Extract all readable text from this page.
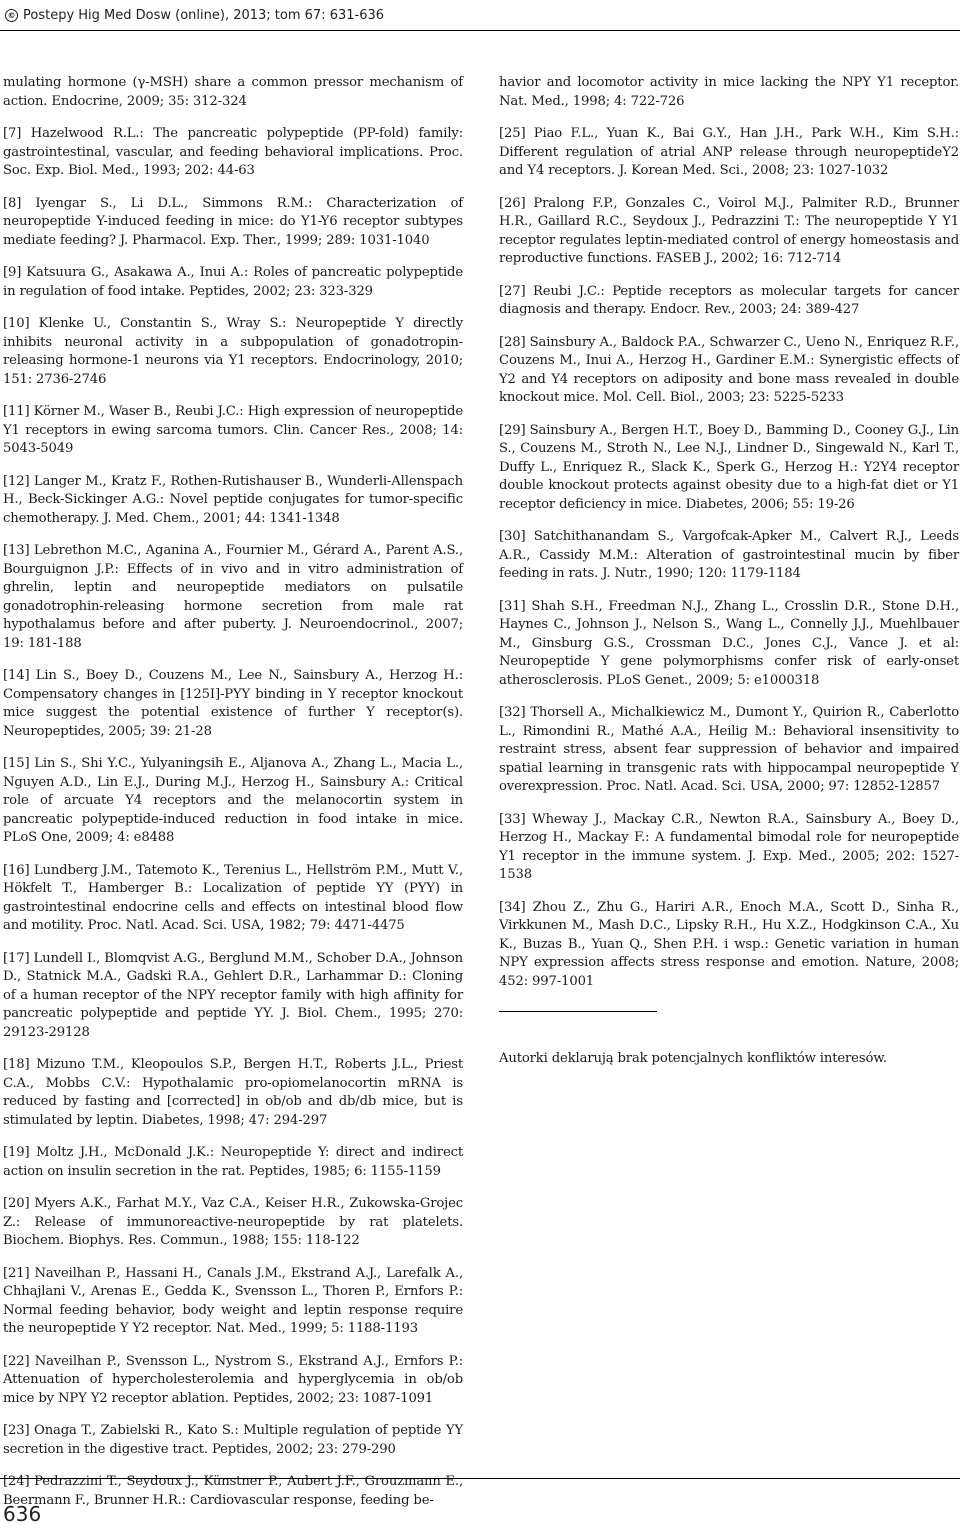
© Postepy Hig Med Dosw (online), 2013; tom 67: 631-636

mulating hormone (γ-MSH) share a common pressor mechanism of action. Endocrine, 2009; 35: 312-324

[7] Hazelwood R.L.: The pancreatic polypeptide (PP-fold) family: gastrointestinal, vascular, and feeding behavioral implications. Proc. Soc. Exp. Biol. Med., 1993; 202: 44-63

[8] Iyengar S., Li D.L., Simmons R.M.: Characterization of neuropeptide Y-induced feeding in mice: do Y1-Y6 receptor subtypes mediate feeding? J. Pharmacol. Exp. Ther., 1999; 289: 1031-1040

[9] Katsuura G., Asakawa A., Inui A.: Roles of pancreatic polypeptide in regulation of food intake. Peptides, 2002; 23: 323-329

[10] Klenke U., Constantin S., Wray S.: Neuropeptide Y directly inhibits neuronal activity in a subpopulation of gonadotropin-releasing hormone-1 neurons via Y1 receptors. Endocrinology, 2010; 151: 2736-2746

[11] Körner M., Waser B., Reubi J.C.: High expression of neuropeptide Y1 receptors in ewing sarcoma tumors. Clin. Cancer Res., 2008; 14: 5043-5049

[12] Langer M., Kratz F., Rothen-Rutishauser B., Wunderli-Allenspach H., Beck-Sickinger A.G.: Novel peptide conjugates for tumor-specific chemotherapy. J. Med. Chem., 2001; 44: 1341-1348

[13] Lebrethon M.C., Aganina A., Fournier M., Gérard A., Parent A.S., Bourguignon J.P.: Effects of in vivo and in vitro administration of ghrelin, leptin and neuropeptide mediators on pulsatile gonadotrophin-releasing hormone secretion from male rat hypothalamus before and after puberty. J. Neuroendocrinol., 2007; 19: 181-188

[14] Lin S., Boey D., Couzens M., Lee N., Sainsbury A., Herzog H.: Compensatory changes in [125I]-PYY binding in Y receptor knockout mice suggest the potential existence of further Y receptor(s). Neuropeptides, 2005; 39: 21-28

[15] Lin S., Shi Y.C., Yulyaningsih E., Aljanova A., Zhang L., Macia L., Nguyen A.D., Lin E.J., During M.J., Herzog H., Sainsbury A.: Critical role of arcuate Y4 receptors and the melanocortin system in pancreatic polypeptide-induced reduction in food intake in mice. PLoS One, 2009; 4: e8488

[16] Lundberg J.M., Tatemoto K., Terenius L., Hellström P.M., Mutt V., Hökfelt T., Hamberger B.: Localization of peptide YY (PYY) in gastrointestinal endocrine cells and effects on intestinal blood flow and motility. Proc. Natl. Acad. Sci. USA, 1982; 79: 4471-4475

[17] Lundell I., Blomqvist A.G., Berglund M.M., Schober D.A., Johnson D., Statnick M.A., Gadski R.A., Gehlert D.R., Larhammar D.: Cloning of a human receptor of the NPY receptor family with high affinity for pancreatic polypeptide and peptide YY. J. Biol. Chem., 1995; 270: 29123-29128

[18] Mizuno T.M., Kleopoulos S.P., Bergen H.T., Roberts J.L., Priest C.A., Mobbs C.V.: Hypothalamic pro-opiomelanocortin mRNA is reduced by fasting and [corrected] in ob/ob and db/db mice, but is stimulated by leptin. Diabetes, 1998; 47: 294-297

[19] Moltz J.H., McDonald J.K.: Neuropeptide Y: direct and indirect action on insulin secretion in the rat. Peptides, 1985; 6: 1155-1159

[20] Myers A.K., Farhat M.Y., Vaz C.A., Keiser H.R., Zukowska-Grojec Z.: Release of immunoreactive-neuropeptide by rat platelets. Biochem. Biophys. Res. Commun., 1988; 155: 118-122

[21] Naveilhan P., Hassani H., Canals J.M., Ekstrand A.J., Larefalk A., Chhajlani V., Arenas E., Gedda K., Svensson L., Thoren P., Ernfors P.: Normal feeding behavior, body weight and leptin response require the neuropeptide Y Y2 receptor. Nat. Med., 1999; 5: 1188-1193

[22] Naveilhan P., Svensson L., Nystrom S., Ekstrand A.J., Ernfors P.: Attenuation of hypercholesterolemia and hyperglycemia in ob/ob mice by NPY Y2 receptor ablation. Peptides, 2002; 23: 1087-1091

[23] Onaga T., Zabielski R., Kato S.: Multiple regulation of peptide YY secretion in the digestive tract. Peptides, 2002; 23: 279-290

[24] Pedrazzini T., Seydoux J., Künstner P., Aubert J.F., Grouzmann E., Beermann F., Brunner H.R.: Cardiovascular response, feeding be-

havior and locomotor activity in mice lacking the NPY Y1 receptor. Nat. Med., 1998; 4: 722-726

[25] Piao F.L., Yuan K., Bai G.Y., Han J.H., Park W.H., Kim S.H.: Different regulation of atrial ANP release through neuropeptideY2 and Y4 receptors. J. Korean Med. Sci., 2008; 23: 1027-1032

[26] Pralong F.P., Gonzales C., Voirol M.J., Palmiter R.D., Brunner H.R., Gaillard R.C., Seydoux J., Pedrazzini T.: The neuropeptide Y Y1 receptor regulates leptin-mediated control of energy homeostasis and reproductive functions. FASEB J., 2002; 16: 712-714

[27] Reubi J.C.: Peptide receptors as molecular targets for cancer diagnosis and therapy. Endocr. Rev., 2003; 24: 389-427

[28] Sainsbury A., Baldock P.A., Schwarzer C., Ueno N., Enriquez R.F., Couzens M., Inui A., Herzog H., Gardiner E.M.: Synergistic effects of Y2 and Y4 receptors on adiposity and bone mass revealed in double knockout mice. Mol. Cell. Biol., 2003; 23: 5225-5233

[29] Sainsbury A., Bergen H.T., Boey D., Bamming D., Cooney G.J., Lin S., Couzens M., Stroth N., Lee N.J., Lindner D., Singewald N., Karl T., Duffy L., Enriquez R., Slack K., Sperk G., Herzog H.: Y2Y4 receptor double knockout protects against obesity due to a high-fat diet or Y1 receptor deficiency in mice. Diabetes, 2006; 55: 19-26

[30] Satchithanandam S., Vargofcak-Apker M., Calvert R.J., Leeds A.R., Cassidy M.M.: Alteration of gastrointestinal mucin by fiber feeding in rats. J. Nutr., 1990; 120: 1179-1184

[31] Shah S.H., Freedman N.J., Zhang L., Crosslin D.R., Stone D.H., Haynes C., Johnson J., Nelson S., Wang L., Connelly J.J., Muehlbauer M., Ginsburg G.S., Crossman D.C., Jones C.J., Vance J. et al: Neuropeptide Y gene polymorphisms confer risk of early-onset atherosclerosis. PLoS Genet., 2009; 5: e1000318

[32] Thorsell A., Michalkiewicz M., Dumont Y., Quirion R., Caberlotto L., Rimondini R., Mathé A.A., Heilig M.: Behavioral insensitivity to restraint stress, absent fear suppression of behavior and impaired spatial learning in transgenic rats with hippocampal neuropeptide Y overexpression. Proc. Natl. Acad. Sci. USA, 2000; 97: 12852-12857

[33] Wheway J., Mackay C.R., Newton R.A., Sainsbury A., Boey D., Herzog H., Mackay F.: A fundamental bimodal role for neuropeptide Y1 receptor in the immune system. J. Exp. Med., 2005; 202: 1527-1538

[34] Zhou Z., Zhu G., Hariri A.R., Enoch M.A., Scott D., Sinha R., Virkkunen M., Mash D.C., Lipsky R.H., Hu X.Z., Hodgkinson C.A., Xu K., Buzas B., Yuan Q., Shen P.H. i wsp.: Genetic variation in human NPY expression affects stress response and emotion. Nature, 2008; 452: 997-1001

Autorki deklarują brak potencjalnych konfliktów interesów.

636
